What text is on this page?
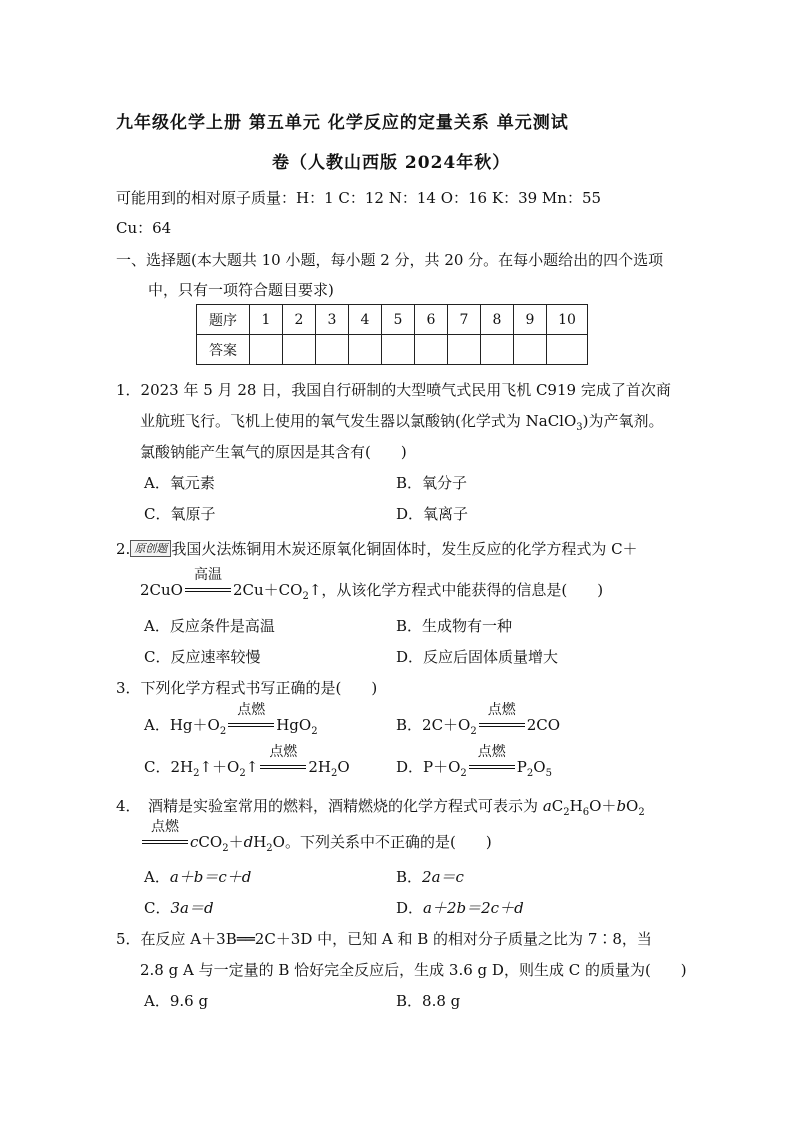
九年级化学上册 第五单元 化学反应的定量关系 单元测试
卷（人教山西版 2024年秋）
可能用到的相对原子质量：H：1 C：12 N：14 O：16 K：39 Mn：55
Cu：64
一、选择题(本大题共 10 小题，每小题 2 分，共 20 分。在每小题给出的四个选项
中，只有一项符合题目要求)
题序	1	2	3	4	5	6	7	8	9	10
答案										
1．2023 年 5 月 28 日，我国自行研制的大型喷气式民用飞机 C919 完成了首次商
业航班飞行。飞机上使用的氧气发生器以氯酸钠(化学式为 NaClO$_3$)为产氧剂。
氯酸钠能产生氧气的原因是其含有(　　)
A．氧元素	B．氧分子
C．氧原子	D．氧离子
2. 原创题 我国火法炼铜用木炭还原氧化铜固体时，发生反应的化学方程式为 C＋
2CuO
高温
$2Cu+CO_2↑$，从该化学方程式中能获得的信息是(　　)
A．反应条件是高温	B．生成物有一种
C．反应速率较慢	D．反应后固体质量增大
3．下列化学方程式书写正确的是(　　)
A．$Hg+O_2$
点燃
HgO$_2$	B．$2C+O_2$
点燃
2CO
C．$2H_2↑+O_2↑$
点燃
$2H_2O$	D．$P+O_2$
点燃
$P_2O_5$
4．　酒精是实验室常用的燃料，酒精燃烧的化学方程式可表示为 $aC_2H_6O+bO_2$
点燃
$cCO_2+dH_2O$。下列关系中不正确的是(　　)
A．a＋b＝c＋d	B．2a＝c
C．3a＝d	D．a＋2b＝2c＋d
5．在反应 A＋3B══2C＋3D 中，已知 A 和 B 的相对分子质量之比为 7∶8，当
2.8 g A 与一定量的 B 恰好完全反应后，生成 3.6 g D，则生成 C 的质量为(　　)
A．9.6 g	B．8.8 g
